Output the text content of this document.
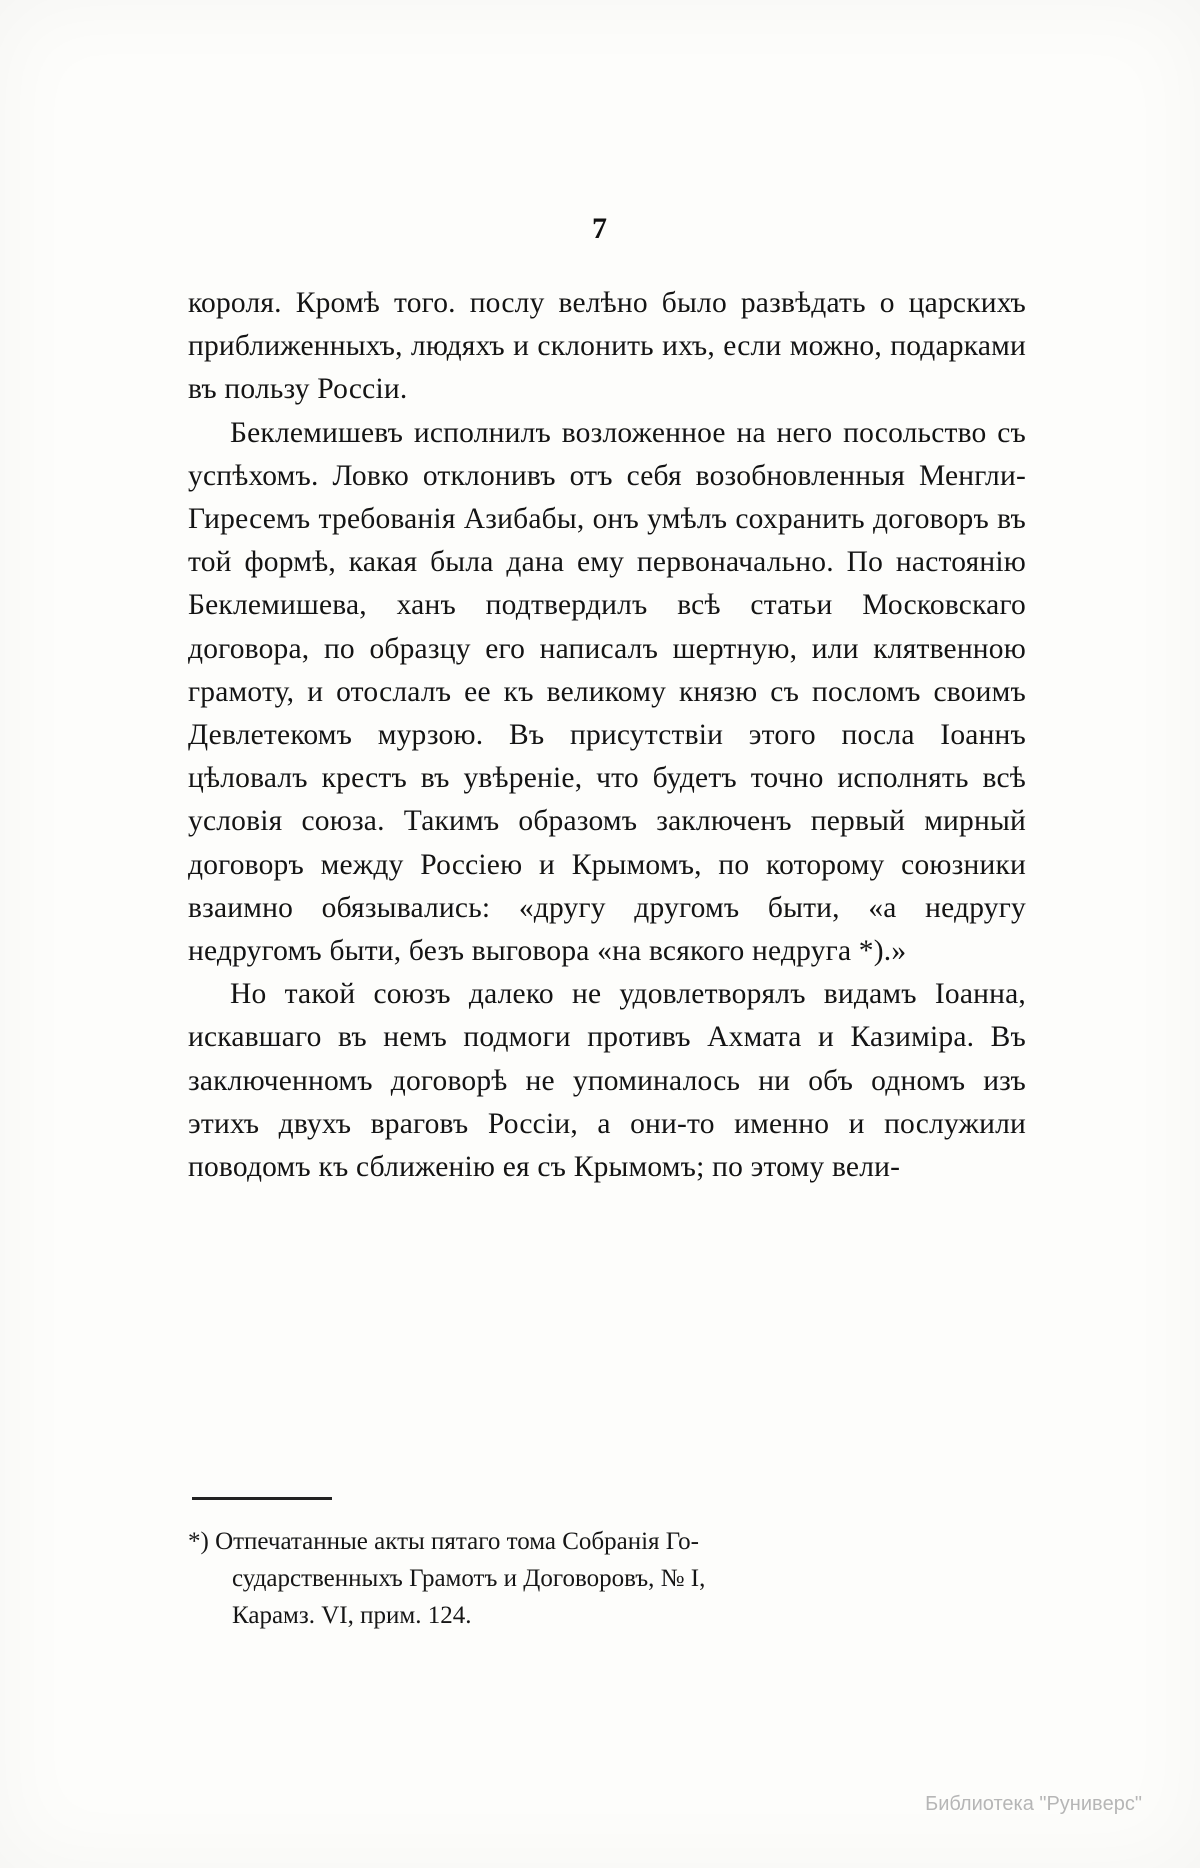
7

короля. Кромѣ того. послу велѣно было развѣдать о царскихъ приближенныхъ, людяхъ и склонить ихъ, если можно, подарками въ пользу Россіи.

Беклемишевъ исполнилъ возложенное на него посольство съ успѣхомъ. Ловко отклонивъ отъ себя возобновленныя Менгли-Гиресемъ требованія Азибабы, онъ умѣлъ сохранить договоръ въ той формѣ, какая была дана ему первоначально. По настоянію Беклемишева, ханъ подтвердилъ всѣ статьи Московскаго договора, по образцу его написалъ шертную, или клятвенною грамоту, и отослалъ ее къ великому князю съ посломъ своимъ Девлетекомъ мурзою. Въ присутствіи этого посла Іоаннъ цѣловалъ крестъ въ увѣреніе, что будетъ точно исполнять всѣ условія союза. Такимъ образомъ заключенъ первый мирный договоръ между Россіею и Крымомъ, по которому союзники взаимно обязывались: «другу другомъ быти, «а недругу недругомъ быти, безъ выговора «на всякого недруга *).»

Но такой союзъ далеко не удовлетворялъ видамъ Іоанна, искавшаго въ немъ подмоги противъ Ахмата и Казиміра. Въ заключенномъ договорѣ не упоминалось ни объ одномъ изъ этихъ двухъ враговъ Россіи, а они-то именно и послужили поводомъ къ сближенію ея съ Крымомъ; по этому вели-

*) Отпечатанные акты пятаго тома Собранія Го-
сударственныхъ Грамотъ и Договоровъ, № I,
Карамз. VI, прим. 124.
Библиотека "Рунивepc"
